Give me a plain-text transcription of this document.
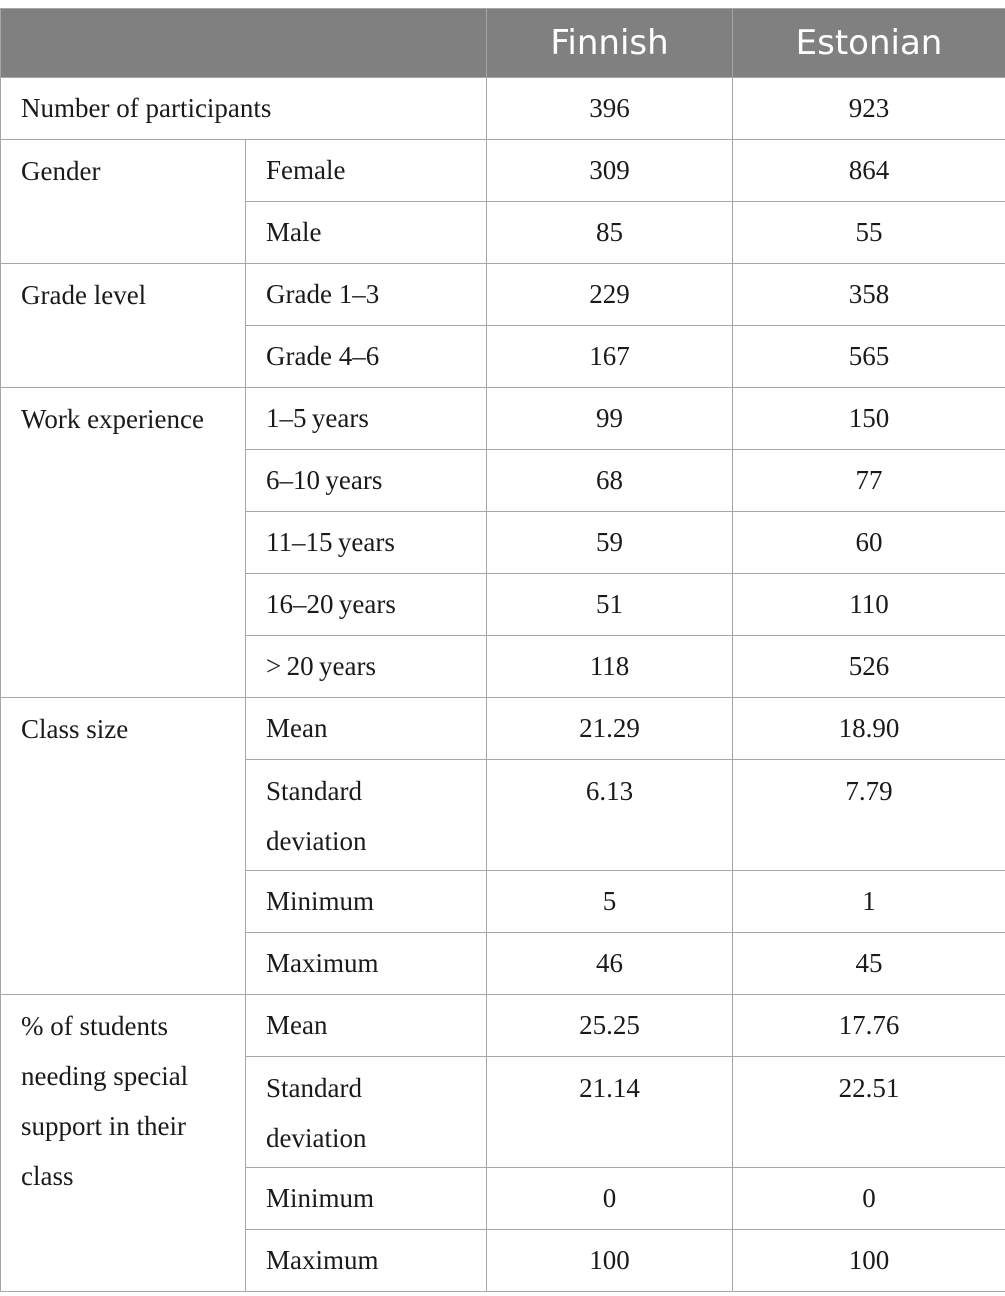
		Finnish	Estonian
Number of participants		396	923
Gender	Female	309	864
	Male	85	55
Grade level	Grade 1–3	229	358
	Grade 4–6	167	565
Work experience	1–5 years	99	150
	6–10 years	68	77
	11–15 years	59	60
	16–20 years	51	110
	> 20 years	118	526
Class size	Mean	21.29	18.90
	Standard deviation	6.13	7.79
	Minimum	5	1
	Maximum	46	45
% of students needing special support in their class	Mean	25.25	17.76
	Standard deviation	21.14	22.51
	Minimum	0	0
	Maximum	100	100
